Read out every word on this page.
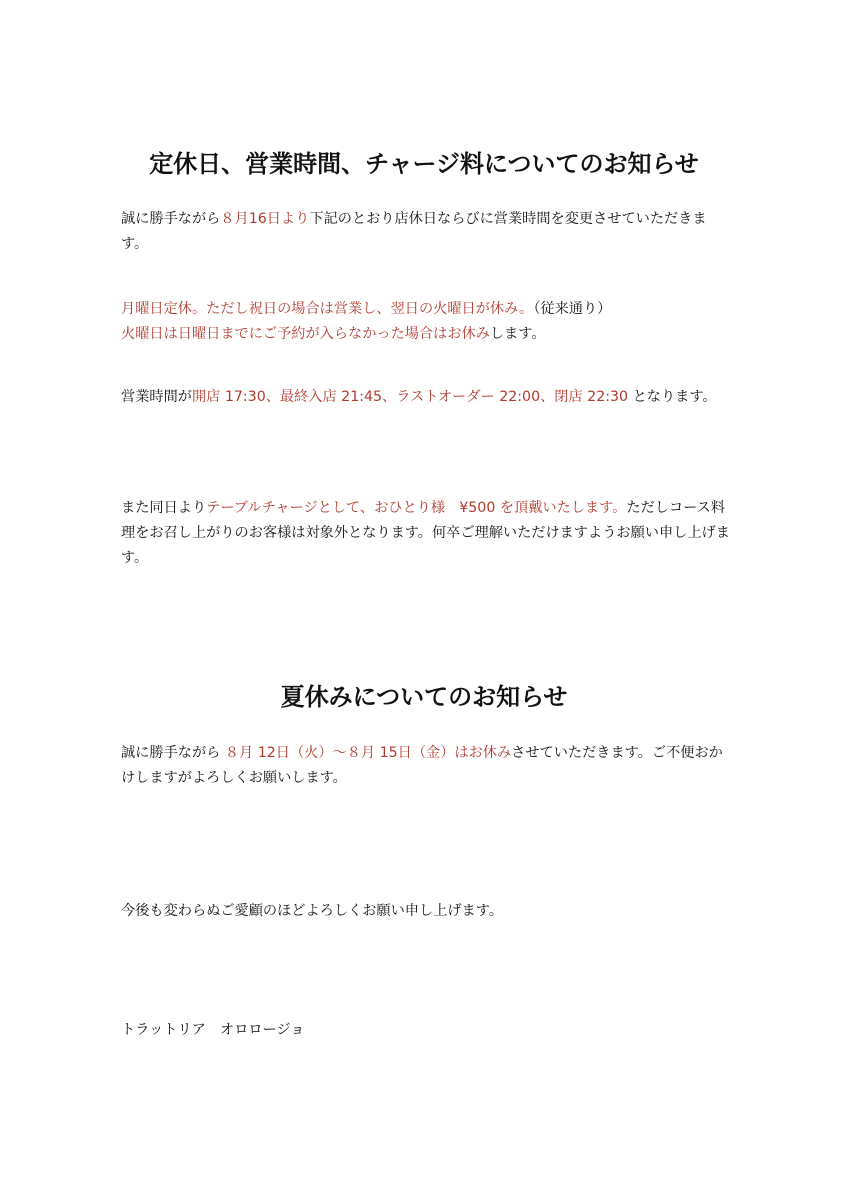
定休日、営業時間、チャージ料についてのお知らせ

誠に勝手ながら８月16日より下記のとおり店休日ならびに営業時間を変更させていただきます。

月曜日定休。ただし祝日の場合は営業し、翌日の火曜日が休み。（従来通り）
火曜日は日曜日までにご予約が入らなかった場合はお休みします。

営業時間が開店 17:30、最終入店 21:45、ラストオーダー 22:00、閉店 22:30 となります。

また同日よりテーブルチャージとして、おひとり様　¥500 を頂戴いたします。ただしコース料理をお召し上がりのお客様は対象外となります。何卒ご理解いただけますようお願い申し上げます。

夏休みについてのお知らせ

誠に勝手ながら ８月 12日（火）～８月 15日（金）はお休みさせていただきます。ご不便おかけしますがよろしくお願いします。

今後も変わらぬご愛顧のほどよろしくお願い申し上げます。

トラットリア　オロロージョ
